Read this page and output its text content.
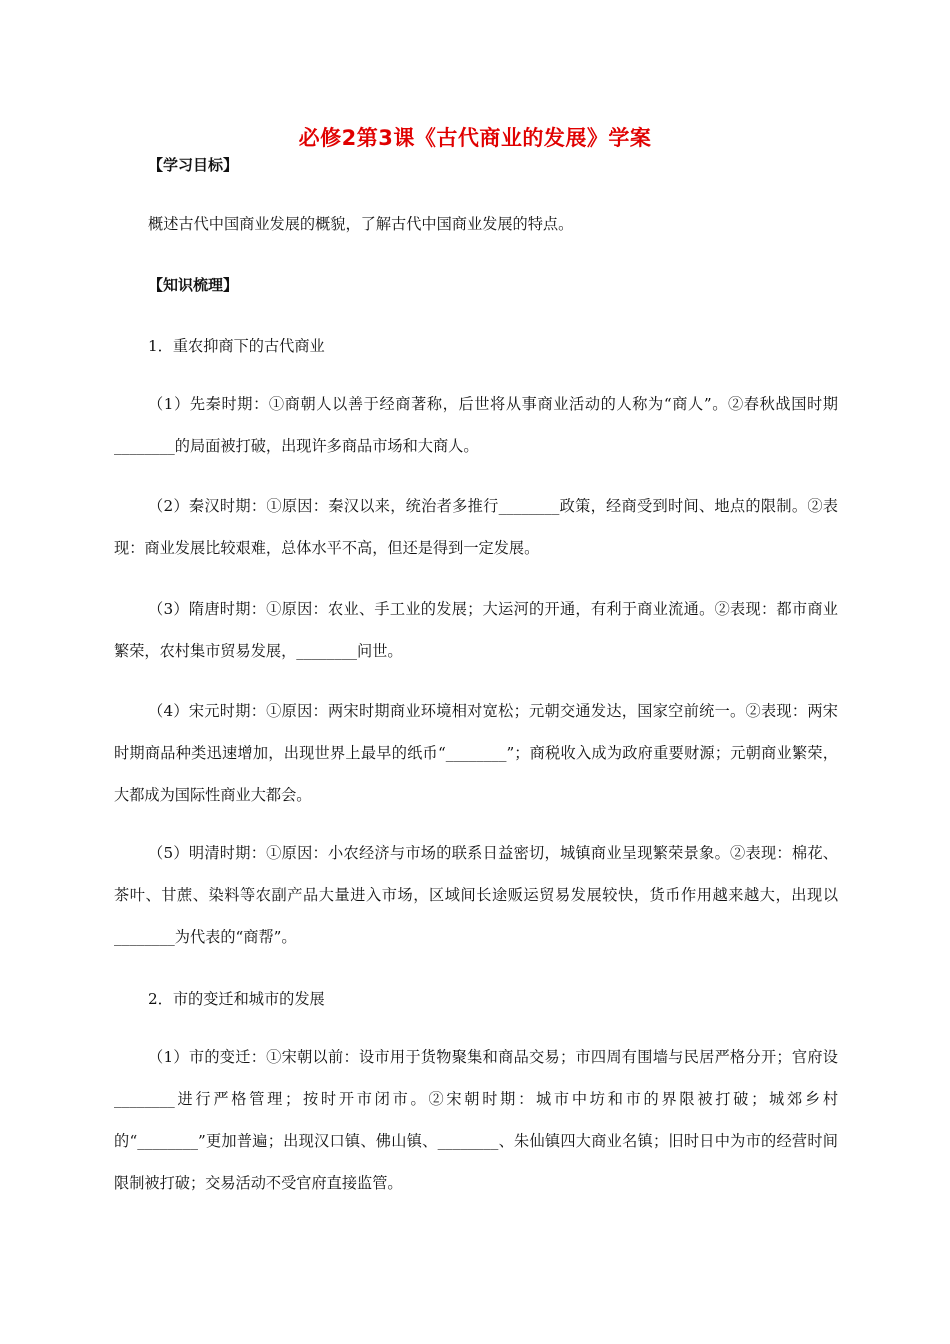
必修2第3课《古代商业的发展》学案
【学习目标】
概述古代中国商业发展的概貌，了解古代中国商业发展的特点。
【知识梳理】
1．重农抑商下的古代商业
（1）先秦时期：①商朝人以善于经商著称，后世将从事商业活动的人称为“商人”。②春秋战国时期________的局面被打破，出现许多商品市场和大商人。
（2）秦汉时期：①原因：秦汉以来，统治者多推行________政策，经商受到时间、地点的限制。②表现：商业发展比较艰难，总体水平不高，但还是得到一定发展。
（3）隋唐时期：①原因：农业、手工业的发展；大运河的开通，有利于商业流通。②表现：都市商业繁荣，农村集市贸易发展，________问世。
（4）宋元时期：①原因：两宋时期商业环境相对宽松；元朝交通发达，国家空前统一。②表现：两宋时期商品种类迅速增加，出现世界上最早的纸币“________”；商税收入成为政府重要财源；元朝商业繁荣，大都成为国际性商业大都会。
（5）明清时期：①原因：小农经济与市场的联系日益密切，城镇商业呈现繁荣景象。②表现：棉花、茶叶、甘蔗、染料等农副产品大量进入市场，区域间长途贩运贸易发展较快，货币作用越来越大，出现以________为代表的“商帮”。
2．市的变迁和城市的发展
（1）市的变迁：①宋朝以前：设市用于货物聚集和商品交易；市四周有围墙与民居严格分开；官府设________进行严格管理；按时开市闭市。②宋朝时期：城市中坊和市的界限被打破；城郊乡村的“________”更加普遍；出现汉口镇、佛山镇、________、朱仙镇四大商业名镇；旧时日中为市的经营时间限制被打破；交易活动不受官府直接监管。
